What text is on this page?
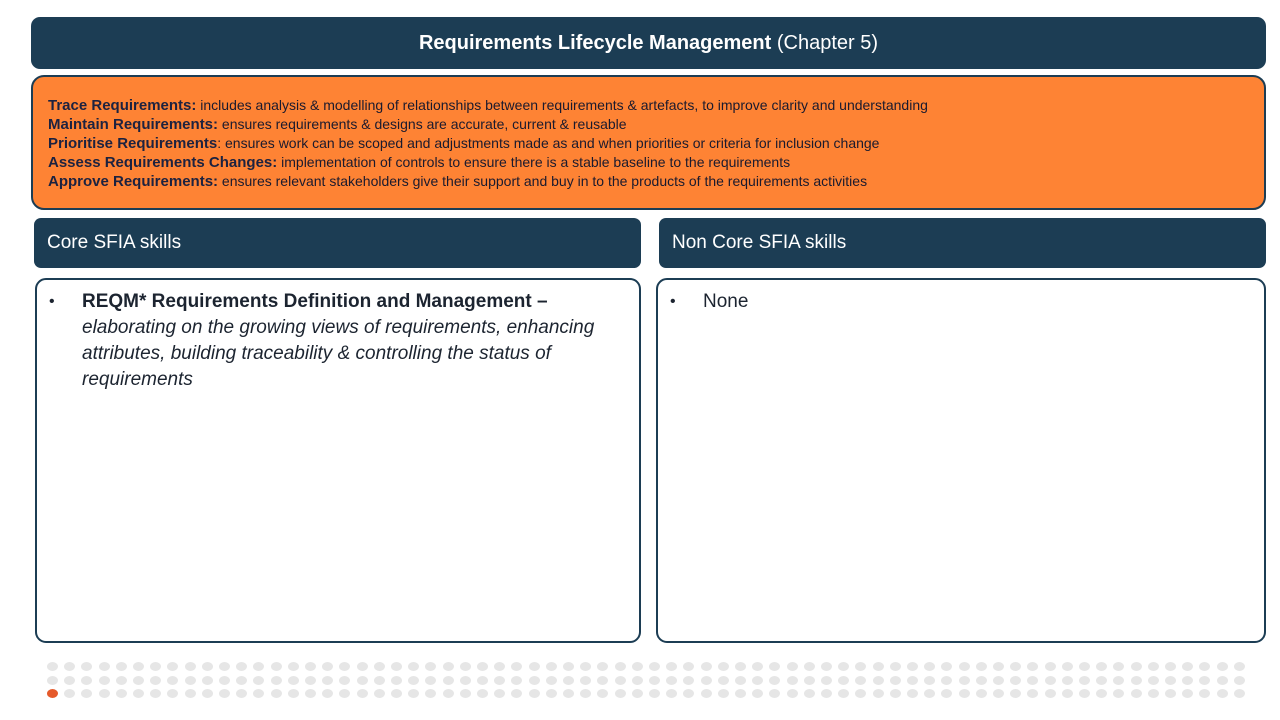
Requirements Lifecycle Management
(Chapter 5)
Trace Requirements: includes analysis & modelling of relationships between requirements & artefacts, to improve clarity and understanding
Maintain Requirements: ensures requirements & designs are accurate, current & reusable
Prioritise Requirements: ensures work can be scoped and adjustments made as and when priorities or criteria for inclusion change
Assess Requirements Changes: implementation of controls to ensure there is a stable baseline to the requirements
Approve Requirements: ensures relevant stakeholders give their support and buy in to the products of the requirements activities
Core SFIA skills	Non Core SFIA skills
•	REQM* Requirements Definition and Management –
elaborating on the growing views of requirements, enhancing attributes, building traceability & controlling the status of requirements
•	None
